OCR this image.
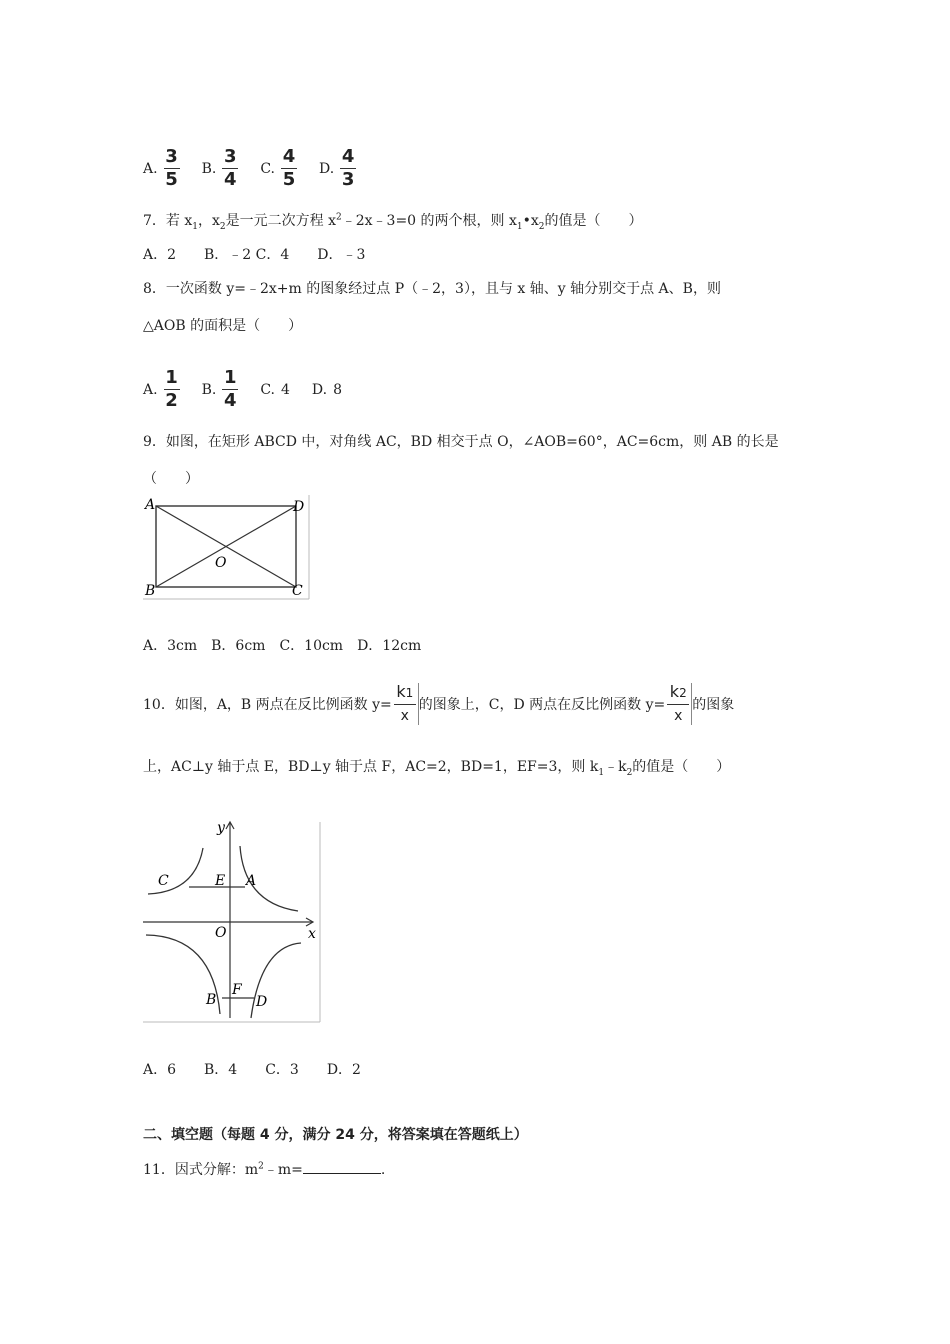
A. $\frac{3}{5} B$. $\frac{3}{4} C$. $\frac{4}{5} D$. $\frac{4}{3}$
7．若 $x_1$，$x_2$是一元二次方程 $x^2﹣2x﹣3=0$ 的两个根，则 $x_1•x_2$的值是（　　）
A．2　　B．﹣2 C．4　　D．﹣3
8．一次函数 y=﹣2x+m 的图象经过点 P（﹣2，3），且与 x 轴、y 轴分别交于点 A、B，则
△AOB 的面积是（　　）
A. $\frac{1}{2} B$. $\frac{1}{4} C$. 4 D. 8
9．如图，在矩形 ABCD 中，对角线 AC，BD 相交于点 O，∠AOB=60°，AC=6cm，则 AB 的长是
（　　）
A	D
B	C
O
A．3cm　B．6cm　C．10cm　D．12cm
10．如图，A，B 两点在反比例函数 y=
k1
x
的图象上，C，D 两点在反比例函数 y=
k2
x
的图象
上，AC⊥y 轴于点 E，BD⊥y 轴于点 F，AC=2，BD=1，EF=3，则 $k_1﹣k_2$的值是（　　）
y
x
O
C	E A
B
F
D
A．6　　B．4　　C．3　　D．2
二、填空题（每题 4 分，满分 24 分，将答案填在答题纸上）
11．因式分解：$m^2﹣m=$	.
